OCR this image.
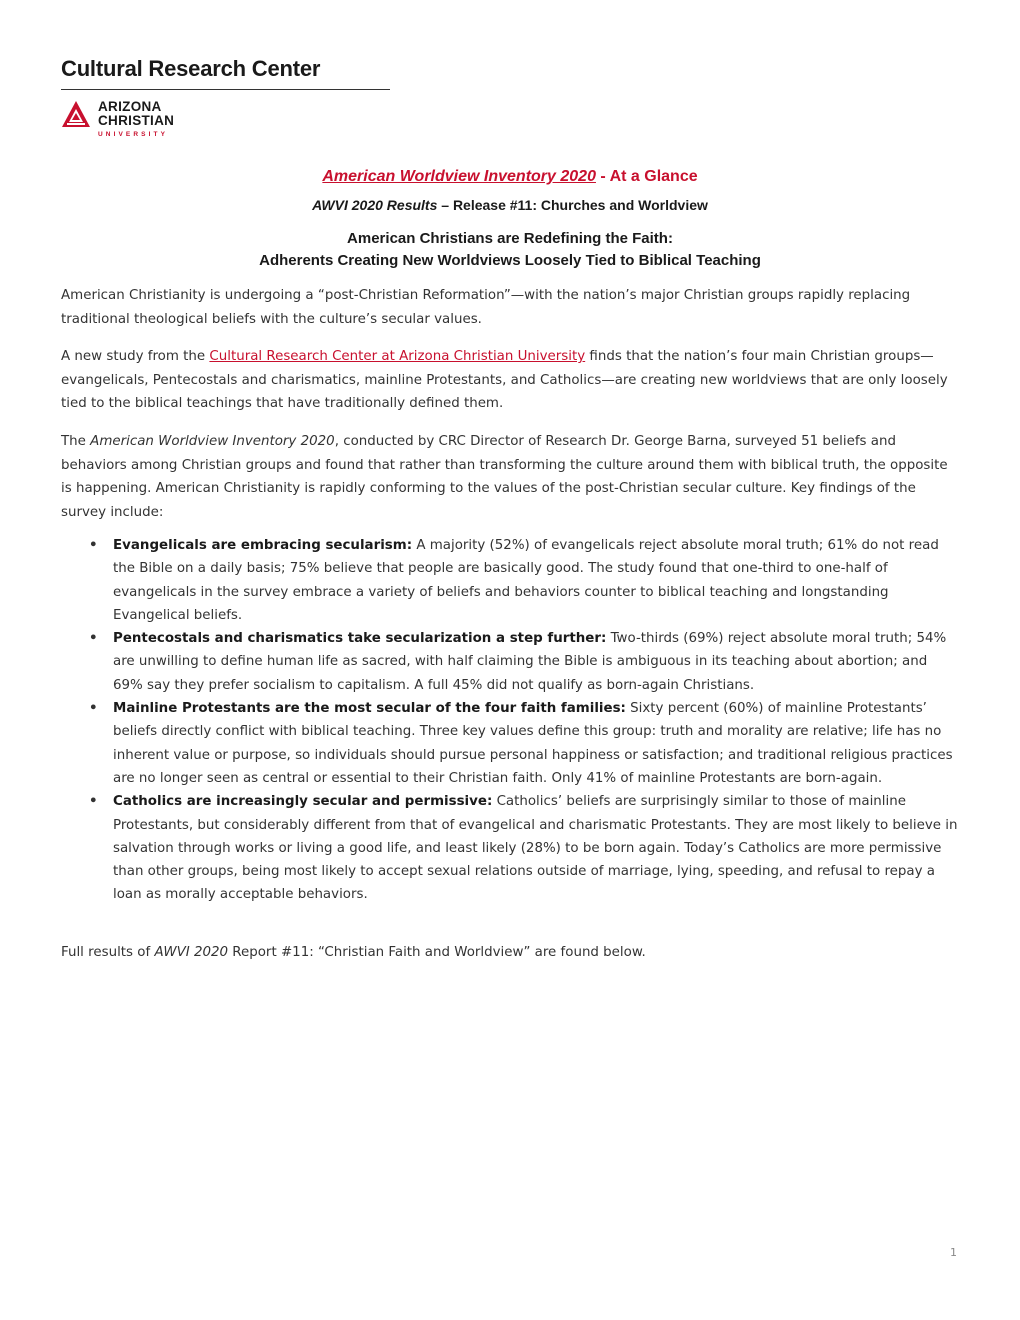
Cultural Research Center
ARIZONA
CHRISTIAN
UNIVERSITY
American Worldview Inventory 2020 - At a Glance
AWVI 2020 Results – Release #11: Churches and Worldview
American Christians are Redefining the Faith:
Adherents Creating New Worldviews Loosely Tied to Biblical Teaching
American Christianity is undergoing a “post-Christian Reformation”—with the nation’s major Christian groups rapidly replacing traditional theological beliefs with the culture’s secular values.
A new study from the Cultural Research Center at Arizona Christian University finds that the nation’s four main Christian groups—evangelicals, Pentecostals and charismatics, mainline Protestants, and Catholics—are creating new worldviews that are only loosely tied to the biblical teachings that have traditionally defined them.
The American Worldview Inventory 2020, conducted by CRC Director of Research Dr. George Barna, surveyed 51 beliefs and behaviors among Christian groups and found that rather than transforming the culture around them with biblical truth, the opposite is happening. American Christianity is rapidly conforming to the values of the post-Christian secular culture. Key findings of the survey include:
• Evangelicals are embracing secularism: A majority (52%) of evangelicals reject absolute moral truth; 61% do not read the Bible on a daily basis; 75% believe that people are basically good. The study found that one-third to one-half of evangelicals in the survey embrace a variety of beliefs and behaviors counter to biblical teaching and longstanding Evangelical beliefs.
• Pentecostals and charismatics take secularization a step further: Two-thirds (69%) reject absolute moral truth; 54% are unwilling to define human life as sacred, with half claiming the Bible is ambiguous in its teaching about abortion; and 69% say they prefer socialism to capitalism. A full 45% did not qualify as born-again Christians.
• Mainline Protestants are the most secular of the four faith families: Sixty percent (60%) of mainline Protestants’ beliefs directly conflict with biblical teaching. Three key values define this group: truth and morality are relative; life has no inherent value or purpose, so individuals should pursue personal happiness or satisfaction; and traditional religious practices are no longer seen as central or essential to their Christian faith. Only 41% of mainline Protestants are born-again.
• Catholics are increasingly secular and permissive: Catholics’ beliefs are surprisingly similar to those of mainline Protestants, but considerably different from that of evangelical and charismatic Protestants. They are most likely to believe in salvation through works or living a good life, and least likely (28%) to be born again. Today’s Catholics are more permissive than other groups, being most likely to accept sexual relations outside of marriage, lying, speeding, and refusal to repay a loan as morally acceptable behaviors.
Full results of AWVI 2020 Report #11: “Christian Faith and Worldview” are found below.
1
